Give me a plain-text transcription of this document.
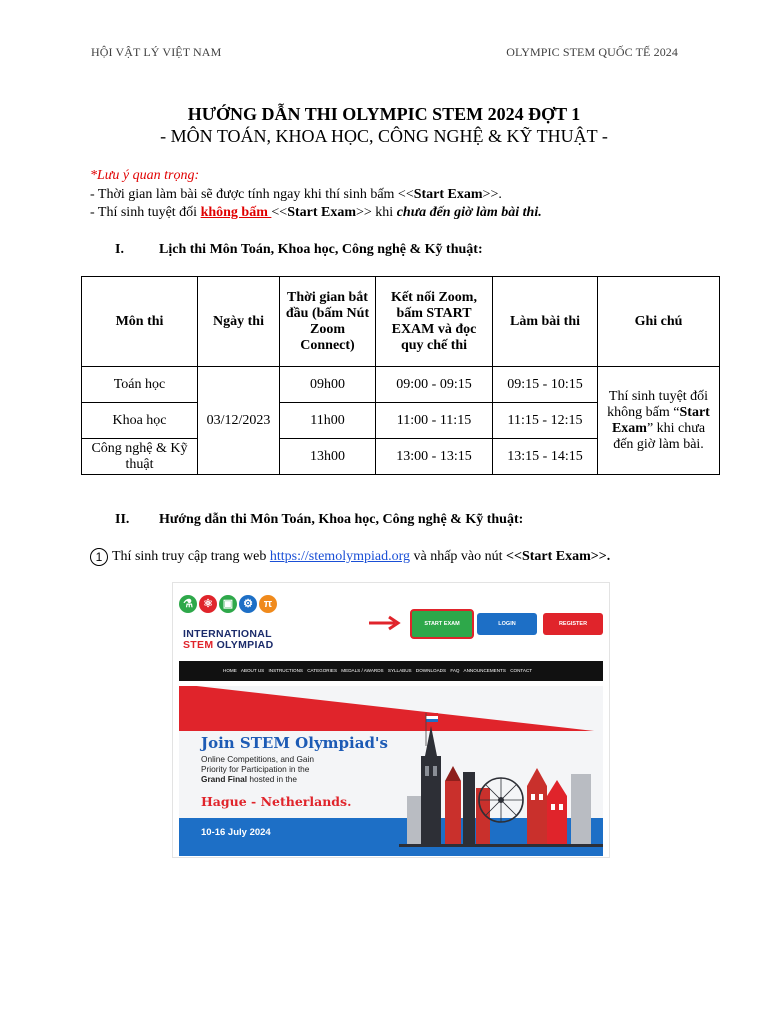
HỘI VẬT LÝ VIỆT NAM	OLYMPIC STEM QUỐC TẾ 2024
HƯỚNG DẪN THI OLYMPIC STEM 2024 ĐỢT 1
- MÔN TOÁN, KHOA HỌC, CÔNG NGHỆ & KỸ THUẬT -
*Lưu ý quan trọng:
- Thời gian làm bài sẽ được tính ngay khi thí sinh bấm <<Start Exam>>.
- Thí sinh tuyệt đối không bấm <<Start Exam>> khi chưa đến giờ làm bài thi.
I.	Lịch thi Môn Toán, Khoa học, Công nghệ & Kỹ thuật:
Môn thi	Ngày thi	Thời gian bắt đầu (bấm Nút Zoom Connect)	Kết nối Zoom, bấm START EXAM và đọc quy chế thi	Làm bài thi	Ghi chú
Toán học	03/12/2023	09h00	09:00 - 09:15	09:15 - 10:15	Thí sinh tuyệt đối không bấm “Start Exam” khi chưa đến giờ làm bài.
Khoa học		11h00	11:00 - 11:15	11:15 - 12:15	
Công nghệ & Kỹ thuật		13h00	13:00 - 13:15	13:15 - 14:15	
II. Hướng dẫn thi Môn Toán, Khoa học, Công nghệ & Kỹ thuật:
1 Thí sinh truy cập trang web https://stemolympiad.org và nhấp vào nút <<Start Exam>>.
⚗ ⚛ ▣ ⚙ π
INTERNATIONAL
STEM OLYMPIAD
START EXAM	LOGIN	REGISTER
HOME ABOUT US INSTRUCTIONS CATEGORIES MEDALS / AWARDS SYLLABUS DOWNLOADS FAQ ANNOUNCEMENTS CONTACT
Join STEM Olympiad's
Online Competitions, and Gain
Priority for Participation in the
Grand Final hosted in the
Hague - Netherlands.
10-16 July 2024
